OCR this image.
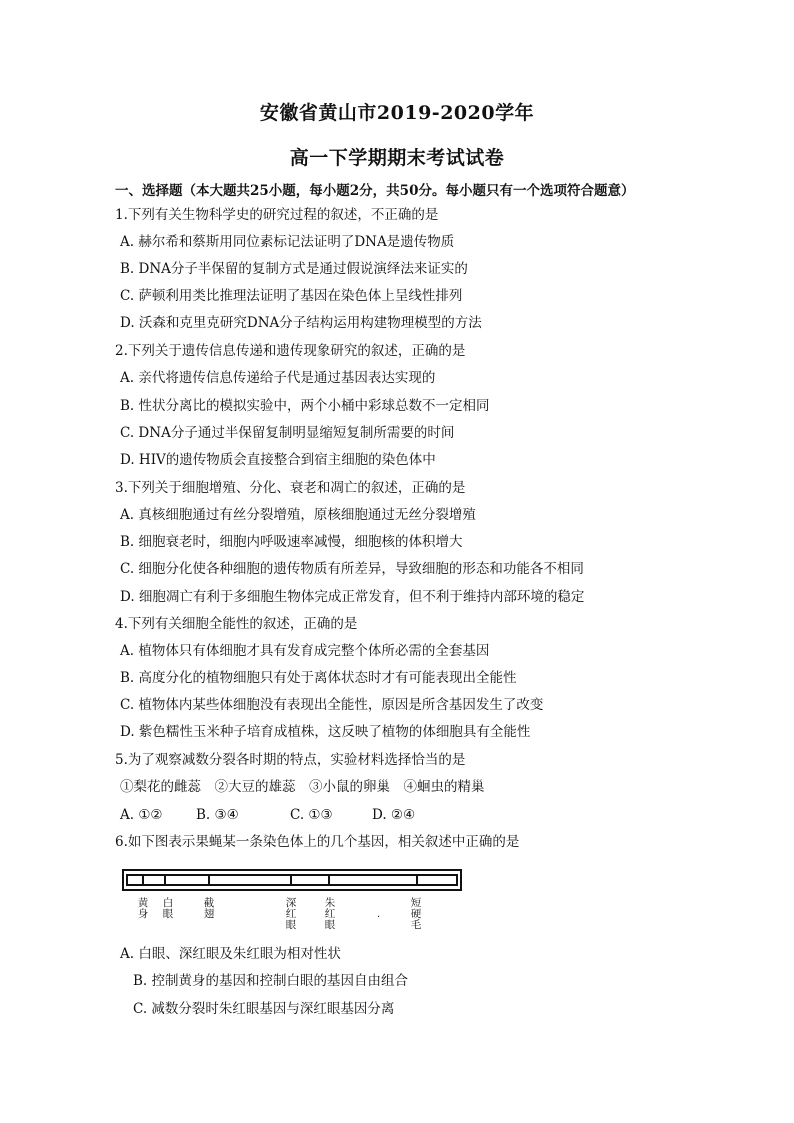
安徽省黄山市2019-2020学年
高一下学期期末考试试卷
一、选择题（本大题共25小题，每小题2分，共50分。每小题只有一个选项符合题意）
1.下列有关生物科学史的研究过程的叙述，不正确的是
A. 赫尔希和蔡斯用同位素标记法证明了DNA是遗传物质
B. DNA分子半保留的复制方式是通过假说演绎法来证实的
C. 萨顿利用类比推理法证明了基因在染色体上呈线性排列
D. 沃森和克里克研究DNA分子结构运用构建物理模型的方法
2.下列关于遗传信息传递和遗传现象研究的叙述，正确的是
A. 亲代将遗传信息传递给子代是通过基因表达实现的
B. 性状分离比的模拟实验中，两个小桶中彩球总数不一定相同
C. DNA分子通过半保留复制明显缩短复制所需要的时间
D. HIV的遗传物质会直接整合到宿主细胞的染色体中
3.下列关于细胞增殖、分化、衰老和凋亡的叙述，正确的是
A. 真核细胞通过有丝分裂增殖，原核细胞通过无丝分裂增殖
B. 细胞衰老时，细胞内呼吸速率减慢，细胞核的体积增大
C. 细胞分化使各种细胞的遗传物质有所差异，导致细胞的形态和功能各不相同
D. 细胞凋亡有利于多细胞生物体完成正常发育，但不利于维持内部环境的稳定
4.下列有关细胞全能性的叙述，正确的是
A. 植物体只有体细胞才具有发育成完整个体所必需的全套基因
B. 高度分化的植物细胞只有处于离体状态时才有可能表现出全能性
C. 植物体内某些体细胞没有表现出全能性，原因是所含基因发生了改变
D. 紫色糯性玉米种子培育成植株，这反映了植物的体细胞具有全能性
5.为了观察减数分裂各时期的特点，实验材料选择恰当的是
①梨花的雌蕊　②大豆的雄蕊　③小鼠的卵巢　④蛔虫的精巢
A. ①② B. ③④	C. ①③	D. ②④
6.如下图表示果蝇某一条染色体上的几个基因，相关叙述中正确的是
黄身
白眼
截翅
深红眼
朱红眼
·
短硬毛
A. 白眼、深红眼及朱红眼为相对性状
B. 控制黄身的基因和控制白眼的基因自由组合
C. 减数分裂时朱红眼基因与深红眼基因分离
